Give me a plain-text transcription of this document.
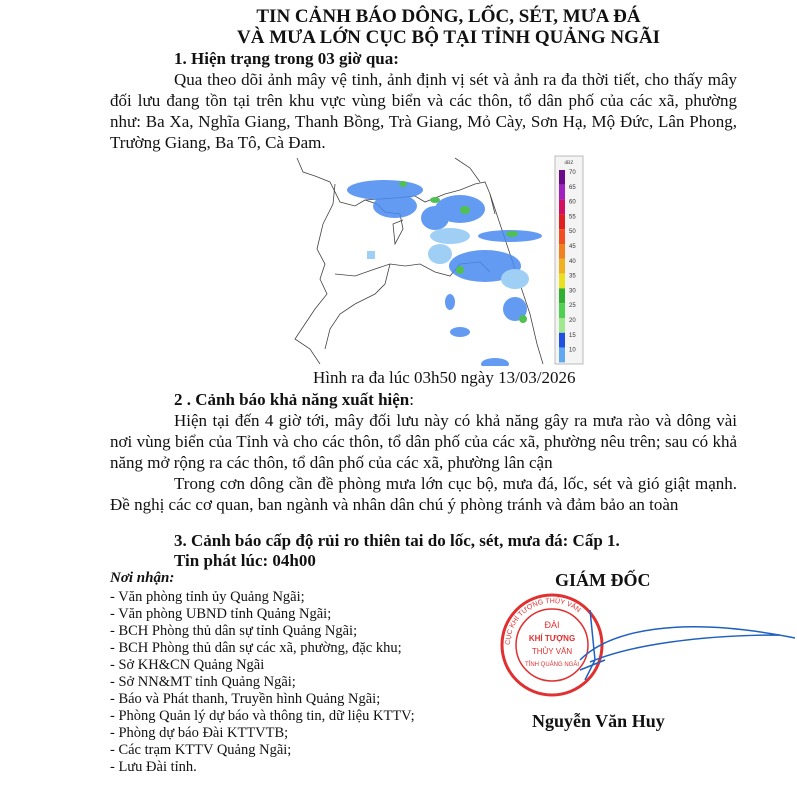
TIN CẢNH BÁO DÔNG, LỐC, SÉT, MƯA ĐÁ
VÀ MƯA LỚN CỤC BỘ TẠI TỈNH QUẢNG NGÃI
1. Hiện trạng trong 03 giờ qua:
Qua theo dõi ảnh mây vệ tinh, ảnh định vị sét và ảnh ra đa thời tiết, cho thấy mây đối lưu đang tồn tại trên khu vực vùng biển và các thôn, tổ dân phố của các xã, phường như: Ba Xa, Nghĩa Giang, Thanh Bồng, Trà Giang, Mỏ Cày, Sơn Hạ, Mộ Đức, Lân Phong, Trường Giang, Ba Tô, Cà Đam.
dBZ
70
65
60
55
50
45
40
35
30
25
20
15
10
Hình ra đa lúc 03h50 ngày 13/03/2026
2 . Cảnh báo khả năng xuất hiện:
Hiện tại đến 4 giờ tới, mây đối lưu này có khả năng gây ra mưa rào và dông vài nơi vùng biển của Tỉnh và cho các thôn, tổ dân phố của các xã, phường nêu trên; sau có khả năng mở rộng ra các thôn, tổ dân phố của các xã, phường lân cận
Trong cơn dông cần đề phòng mưa lớn cục bộ, mưa đá, lốc, sét và gió giật mạnh. Đề nghị các cơ quan, ban ngành và nhân dân chú ý phòng tránh và đảm bảo an toàn
3. Cảnh báo cấp độ rủi ro thiên tai do lốc, sét, mưa đá: Cấp 1.
Tin phát lúc: 04h00
Nơi nhận:
- Văn phòng tỉnh ủy Quảng Ngãi;
- Văn phòng UBND tỉnh Quảng Ngãi;
- BCH Phòng thủ dân sự tỉnh Quảng Ngãi;
- BCH Phòng thủ dân sự các xã, phường, đặc khu;
- Sở KH&CN Quảng Ngãi
- Sở NN&MT tỉnh Quảng Ngãi;
- Báo và Phát thanh, Truyền hình Quảng Ngãi;
- Phòng Quản lý dự báo và thông tin, dữ liệu KTTV;
- Phòng dự báo Đài KTTVTB;
- Các trạm KTTV Quảng Ngãi;
- Lưu Đài tỉnh.
GIÁM ĐỐC
ĐÀI
KHÍ TƯỢNG
THỦY VĂN
TỈNH QUẢNG NGÃI
CỤC KHÍ TƯỢNG THỦY VĂN
Nguyễn Văn Huy
